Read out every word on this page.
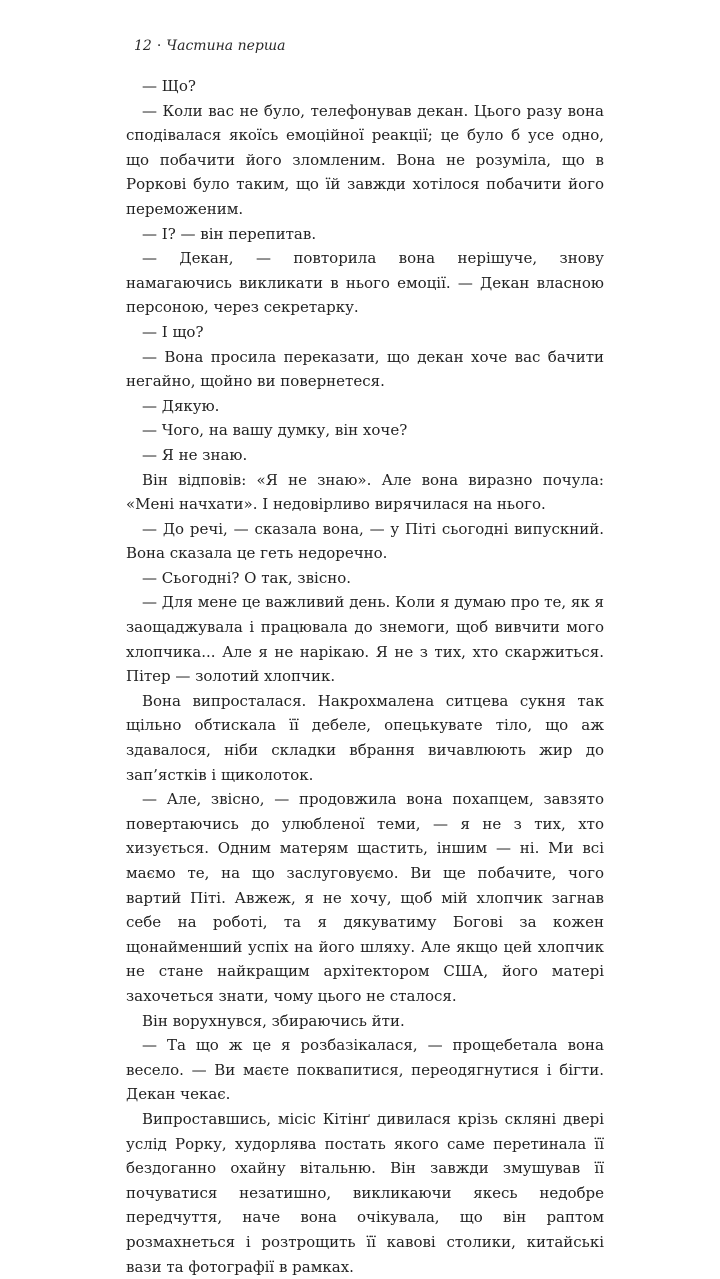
12 · Частина перша

— Що?

— Коли вас не було, телефонував декан. Цього разу вона сподівалася якоїсь емоційної реакції; це було б усе одно, що побачити його зломленим. Вона не розуміла, що в Роркові було таким, що їй завжди хотілося побачити його переможеним.

— І? — він перепитав.

— Декан, — повторила вона нерішуче, знову намагаючись викликати в нього емоції. — Декан власною персоною, через секретарку.

— І що?

— Вона просила переказати, що декан хоче вас бачити негайно, щойно ви повернетеся.

— Дякую.

— Чого, на вашу думку, він хоче?

— Я не знаю.

Він відповів: «Я не знаю». Але вона виразно почула: «Мені начхати». І недовірливо вирячилася на нього.

— До речі, — сказала вона, — у Піті сьогодні випускний. Вона сказала це геть недоречно.

— Сьогодні? О так, звісно.

— Для мене це важливий день. Коли я думаю про те, як я заощаджувала і працювала до знемоги, щоб вивчити мого хлопчика... Але я не нарікаю. Я не з тих, хто скаржиться. Пітер — золотий хлопчик.

Вона випросталася. Накрохмалена ситцева сукня так щільно обтискала її дебеле, опецькувате тіло, що аж здавалося, ніби складки вбрання вичавлюють жир до зап’ястків і щиколоток.

— Але, звісно, — продовжила вона похапцем, завзято повертаючись до улюбленої теми, — я не з тих, хто хизується. Одним матерям щастить, іншим — ні. Ми всі маємо те, на що заслуговуємо. Ви ще побачите, чого вартий Піті. Авжеж, я не хочу, щоб мій хлопчик загнав себе на роботі, та я дякуватиму Богові за кожен щонайменший успіх на його шляху. Але якщо цей хлопчик не стане найкращим архітектором США, його матері захочеться знати, чому цього не сталося.

Він ворухнувся, збираючись йти.

— Та що ж це я розбазікалася, — прощебетала вона весело. — Ви маєте поквапитися, переодягнутися і бігти. Декан чекає.

Випроставшись, місіс Кітінґ дивилася крізь скляні двері услід Рорку, худорлява постать якого саме перетинала її бездоганно охайну вітальню. Він завжди змушував її почуватися незатишно, викликаючи якесь недобре передчуття, наче вона очікувала, що він раптом розмахнеться і розтрощить її кавові столики, китайські вази та фотографії в рамках.
